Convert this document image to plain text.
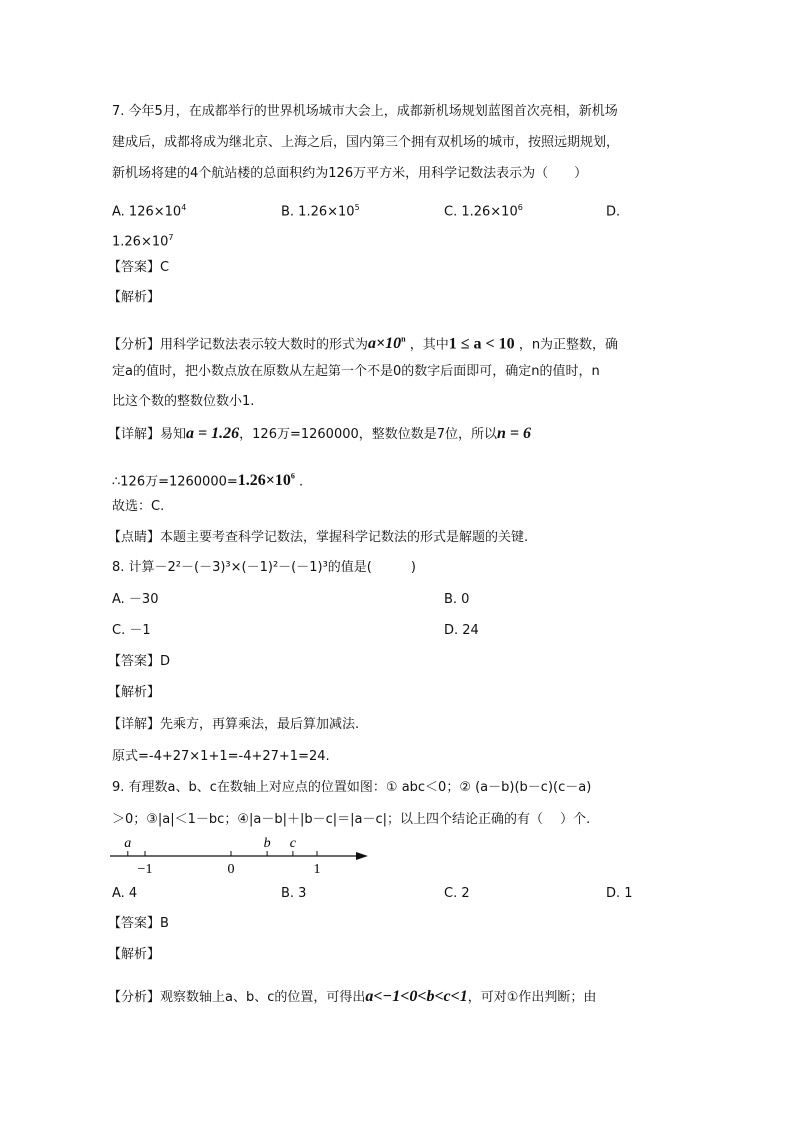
7. 今年5月，在成都举行的世界机场城市大会上，成都新机场规划蓝图首次亮相，新机场
建成后，成都将成为继北京、上海之后，国内第三个拥有双机场的城市，按照远期规划，
新机场将建的4个航站楼的总面积约为126万平方米，用科学记数法表示为（　　）
A. $126\times 10^4$	B. $1.26\times 10^5$	C. $1.26\times 10^6$	D.
$1.26\times 10^7$
【答案】C
【解析】
【分析】用科学记数法表示较大数时的形式为$a\times 10^n$ ，其中1 ≤ a < 10 ，n为正整数，确
定a的值时，把小数点放在原数从左起第一个不是0的数字后面即可，确定n的值时，n
比这个数的整数位数小1.
【详解】易知a = 1.26，126万=1260000，整数位数是7位，所以n = 6
∴126万$=1260000=1.26\times 10^6$ .
故选：C.
【点睛】本题主要考查科学记数法，掌握科学记数法的形式是解题的关键.
8. 计算－2²－(－3)³×(－1)²－(－1)³的值是(　　　)
A. －30	B. 0
C. －1	D. 24
【答案】D
【解析】
【详解】先乘方，再算乘法，最后算加减法.
原式=-4+27×1+1=-4+27+1=24.
9. 有理数a、b、c在数轴上对应点的位置如图：① abc＜0；② (a－b)(b－c)(c－a)
＞0；③|a|＜1－bc；④|a－b|＋|b－c|＝|a－c|；以上四个结论正确的有（　 ）个.
−1	0	1
a	b c
A. 4	B. 3	C. 2	D. 1
【答案】B
【解析】
【分析】观察数轴上a、b、c的位置，可得出a<−1<0<b<c<1，可对①作出判断；由
